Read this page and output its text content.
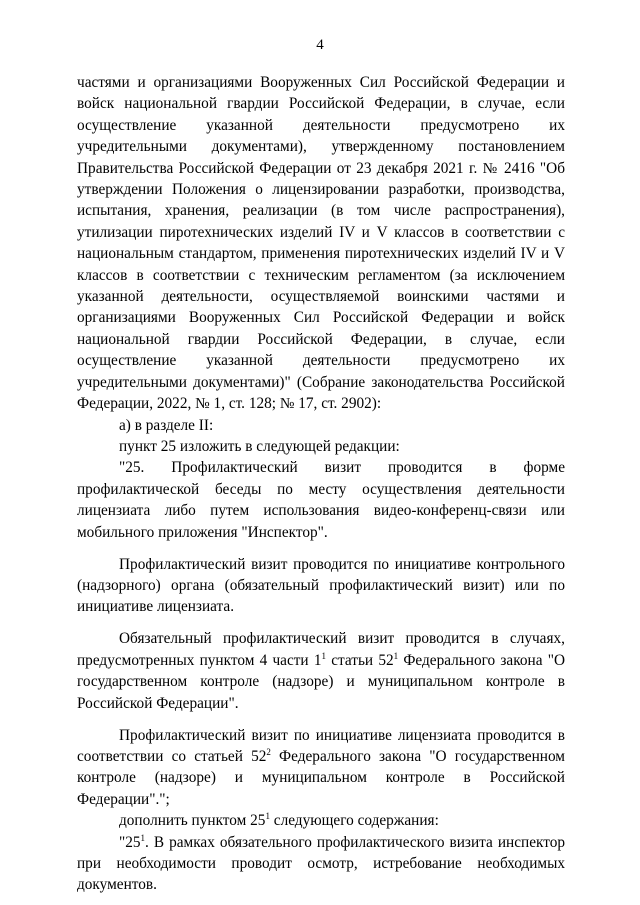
4

частями и организациями Вооруженных Сил Российской Федерации и войск национальной гвардии Российской Федерации, в случае, если осуществление указанной деятельности предусмотрено их учредительными документами), утвержденному постановлением Правительства Российской Федерации от 23 декабря 2021 г. № 2416 "Об утверждении Положения о лицензировании разработки, производства, испытания, хранения, реализации (в том числе распространения), утилизации пиротехнических изделий IV и V классов в соответствии с национальным стандартом, применения пиротехнических изделий IV и V классов в соответствии с техническим регламентом (за исключением указанной деятельности, осуществляемой воинскими частями и организациями Вооруженных Сил Российской Федерации и войск национальной гвардии Российской Федерации, в случае, если осуществление указанной деятельности предусмотрено их учредительными документами)" (Собрание законодательства Российской Федерации, 2022, № 1, ст. 128; № 17, ст. 2902):

а) в разделе II:

пункт 25 изложить в следующей редакции:

"25. Профилактический визит проводится в форме профилактической беседы по месту осуществления деятельности лицензиата либо путем использования видео-конференц-связи или мобильного приложения "Инспектор".

Профилактический визит проводится по инициативе контрольного (надзорного) органа (обязательный профилактический визит) или по инициативе лицензиата.

Обязательный профилактический визит проводится в случаях, предусмотренных пунктом 4 части $1^1$ статьи $52^1$ Федерального закона "О государственном контроле (надзоре) и муниципальном контроле в Российской Федерации".

Профилактический визит по инициативе лицензиата проводится в соответствии со статьей $52^2$ Федерального закона "О государственном контроле (надзоре) и муниципальном контроле в Российской Федерации".";

дополнить пунктом $25^1$ следующего содержания:

"$25^1$. В рамках обязательного профилактического визита инспектор при необходимости проводит осмотр, истребование необходимых документов.
